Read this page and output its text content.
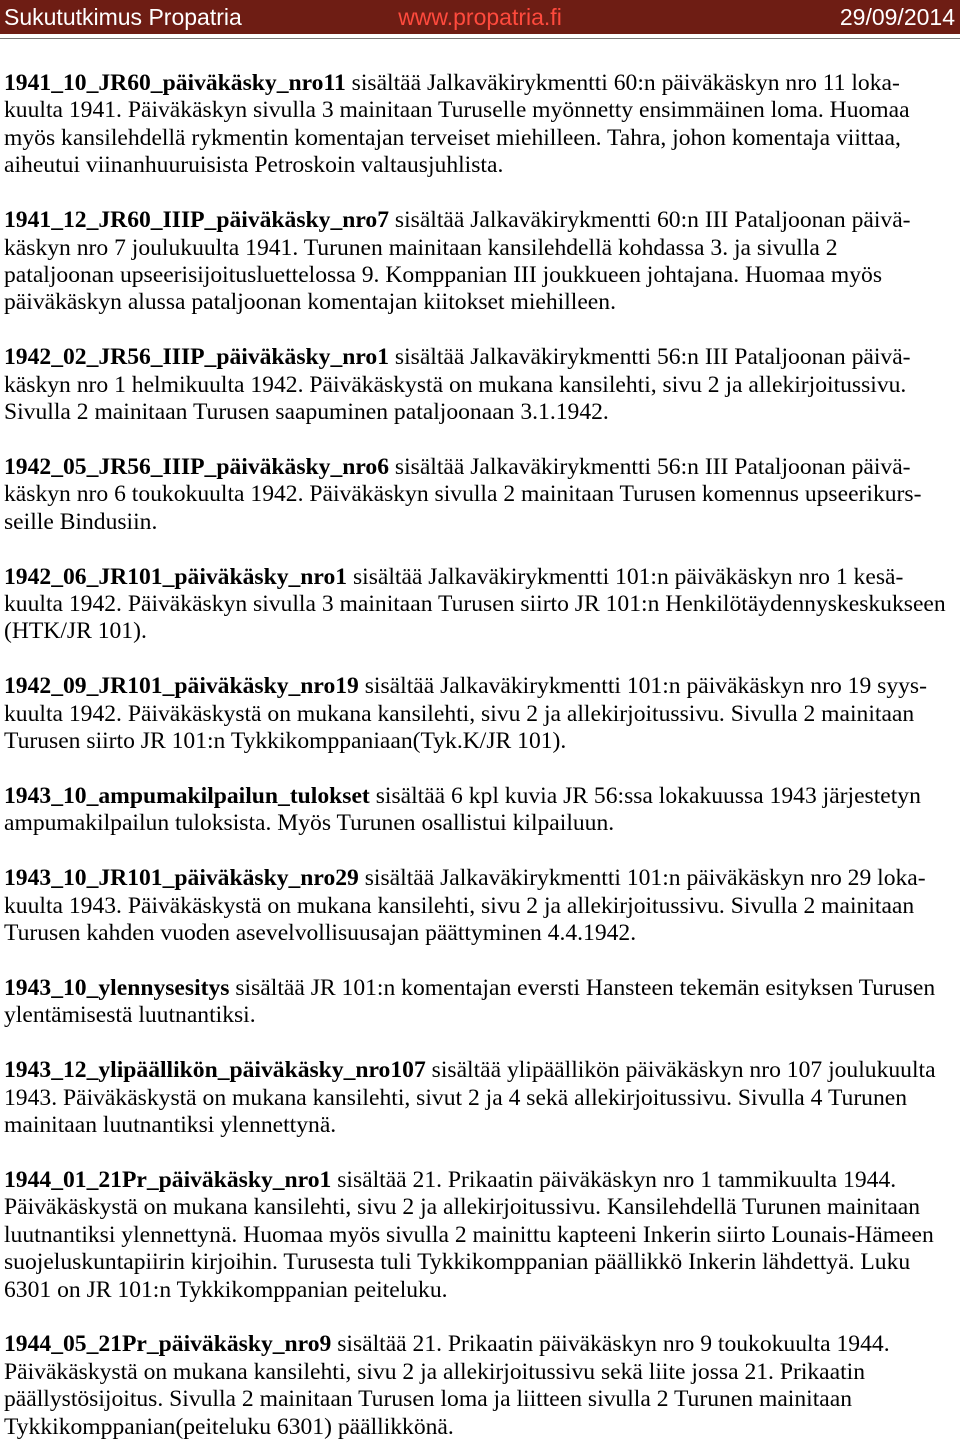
Sukututkimus Propatria	www.propatria.fi	29/09/2014
1941_10_JR60_päiväkäsky_nro11 sisältää Jalkaväkirykmentti 60:n päiväkäskyn nro 11 loka-
kuulta 1941. Päiväkäskyn sivulla 3 mainitaan Turuselle myönnetty ensimmäinen loma. Huomaa
myös kansilehdellä rykmentin komentajan terveiset miehilleen. Tahra, johon komentaja viittaa,
aiheutui viinanhuuruisista Petroskoin valtausjuhlista.
1941_12_JR60_IIIP_päiväkäsky_nro7 sisältää Jalkaväkirykmentti 60:n III Pataljoonan päivä-
käskyn nro 7 joulukuulta 1941. Turunen mainitaan kansilehdellä kohdassa 3. ja sivulla 2
pataljoonan upseerisijoitusluettelossa 9. Komppanian III joukkueen johtajana. Huomaa myös
päiväkäskyn alussa pataljoonan komentajan kiitokset miehilleen.
1942_02_JR56_IIIP_päiväkäsky_nro1 sisältää Jalkaväkirykmentti 56:n III Pataljoonan päivä-
käskyn nro 1 helmikuulta 1942. Päiväkäskystä on mukana kansilehti, sivu 2 ja allekirjoitussivu.
Sivulla 2 mainitaan Turusen saapuminen pataljoonaan 3.1.1942.
1942_05_JR56_IIIP_päiväkäsky_nro6 sisältää Jalkaväkirykmentti 56:n III Pataljoonan päivä-
käskyn nro 6 toukokuulta 1942. Päiväkäskyn sivulla 2 mainitaan Turusen komennus upseerikurs-
seille Bindusiin.
1942_06_JR101_päiväkäsky_nro1 sisältää Jalkaväkirykmentti 101:n päiväkäskyn nro 1 kesä-
kuulta 1942. Päiväkäskyn sivulla 3 mainitaan Turusen siirto JR 101:n Henkilötäydennyskeskukseen
(HTK/JR 101).
1942_09_JR101_päiväkäsky_nro19 sisältää Jalkaväkirykmentti 101:n päiväkäskyn nro 19 syys-
kuulta 1942. Päiväkäskystä on mukana kansilehti, sivu 2 ja allekirjoitussivu. Sivulla 2 mainitaan
Turusen siirto JR 101:n Tykkikomppaniaan(Tyk.K/JR 101).
1943_10_ampumakilpailun_tulokset sisältää 6 kpl kuvia JR 56:ssa lokakuussa 1943 järjestetyn
ampumakilpailun tuloksista. Myös Turunen osallistui kilpailuun.
1943_10_JR101_päiväkäsky_nro29 sisältää Jalkaväkirykmentti 101:n päiväkäskyn nro 29 loka-
kuulta 1943. Päiväkäskystä on mukana kansilehti, sivu 2 ja allekirjoitussivu. Sivulla 2 mainitaan
Turusen kahden vuoden asevelvollisuusajan päättyminen 4.4.1942.
1943_10_ylennysesitys sisältää JR 101:n komentajan eversti Hansteen tekemän esityksen Turusen
ylentämisestä luutnantiksi.
1943_12_ylipäällikön_päiväkäsky_nro107 sisältää ylipäällikön päiväkäskyn nro 107 joulukuulta
1943. Päiväkäskystä on mukana kansilehti, sivut 2 ja 4 sekä allekirjoitussivu. Sivulla 4 Turunen
mainitaan luutnantiksi ylennettynä.
1944_01_21Pr_päiväkäsky_nro1 sisältää 21. Prikaatin päiväkäskyn nro 1 tammikuulta 1944.
Päiväkäskystä on mukana kansilehti, sivu 2 ja allekirjoitussivu. Kansilehdellä Turunen mainitaan
luutnantiksi ylennettynä. Huomaa myös sivulla 2 mainittu kapteeni Inkerin siirto Lounais-Hämeen
suojeluskuntapiirin kirjoihin. Turusesta tuli Tykkikomppanian päällikkö Inkerin lähdettyä. Luku
6301 on JR 101:n Tykkikomppanian peiteluku.
1944_05_21Pr_päiväkäsky_nro9 sisältää 21. Prikaatin päiväkäskyn nro 9 toukokuulta 1944.
Päiväkäskystä on mukana kansilehti, sivu 2 ja allekirjoitussivu sekä liite jossa 21. Prikaatin
päällystösijoitus. Sivulla 2 mainitaan Turusen loma ja liitteen sivulla 2 Turunen mainitaan
Tykkikomppanian(peiteluku 6301) päällikkönä.
